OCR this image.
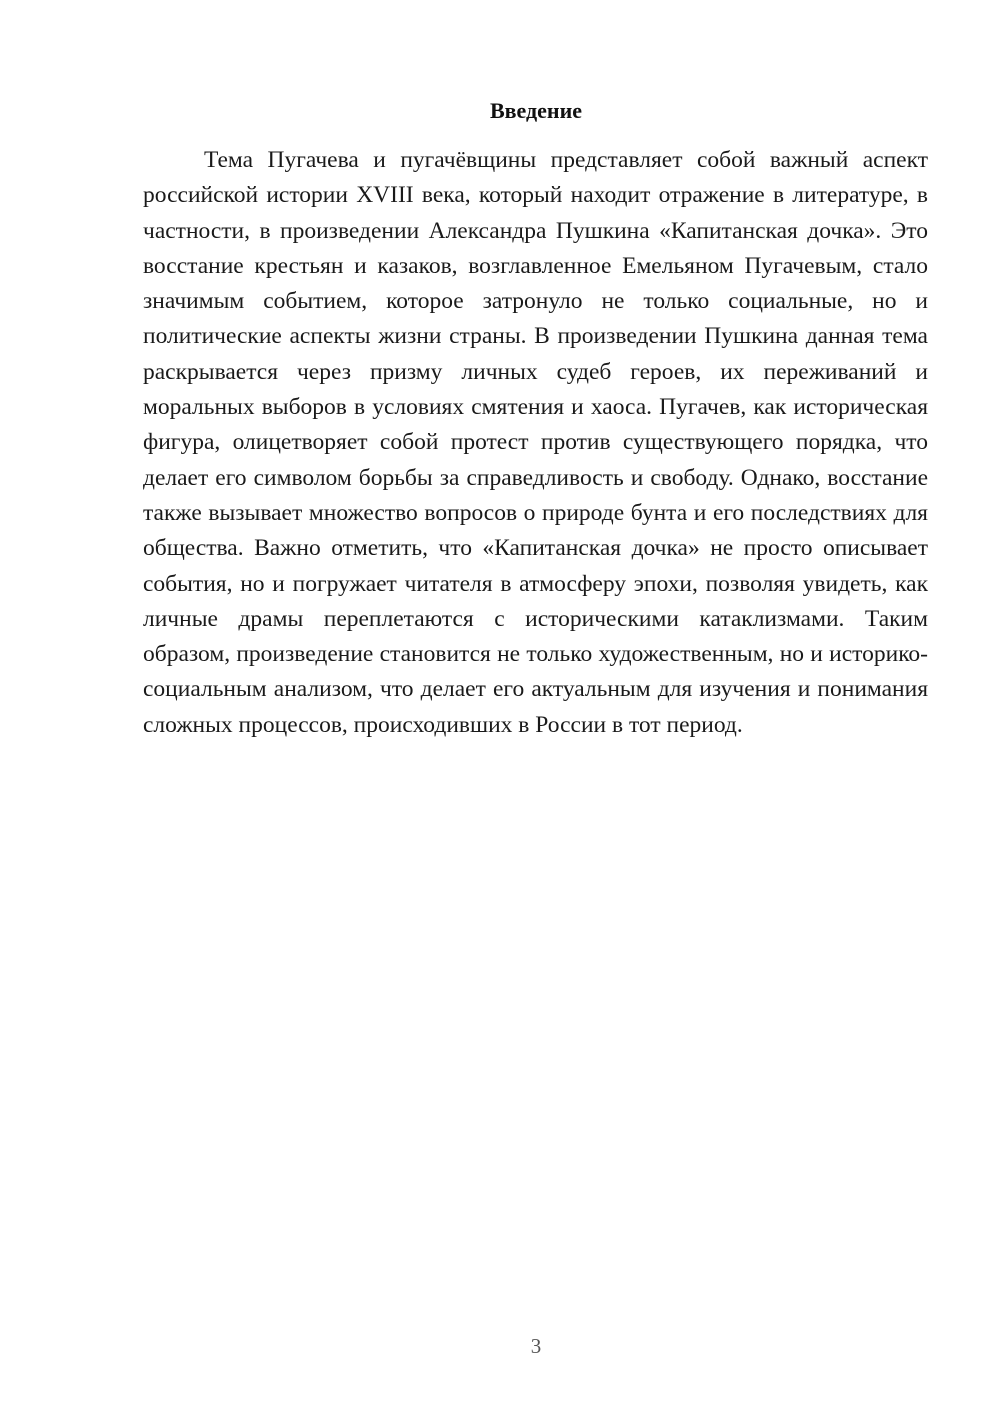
Введение

Тема Пугачева и пугачёвщины представляет собой важный аспект российской истории XVIII века, который находит отражение в литературе, в частности, в произведении Александра Пушкина «Капитанская дочка». Это восстание крестьян и казаков, возглавленное Емельяном Пугачевым, стало значимым событием, которое затронуло не только социальные, но и политические аспекты жизни страны. В произведении Пушкина данная тема раскрывается через призму личных судеб героев, их переживаний и моральных выборов в условиях смятения и хаоса. Пугачев, как историческая фигура, олицетворяет собой протест против существующего порядка, что делает его символом борьбы за справедливость и свободу. Однако, восстание также вызывает множество вопросов о природе бунта и его последствиях для общества. Важно отметить, что «Капитанская дочка» не просто описывает события, но и погружает читателя в атмосферу эпохи, позволяя увидеть, как личные драмы переплетаются с историческими катаклизмами. Таким образом, произведение становится не только художественным, но и историко-социальным анализом, что делает его актуальным для изучения и понимания сложных процессов, происходивших в России в тот период.

3
